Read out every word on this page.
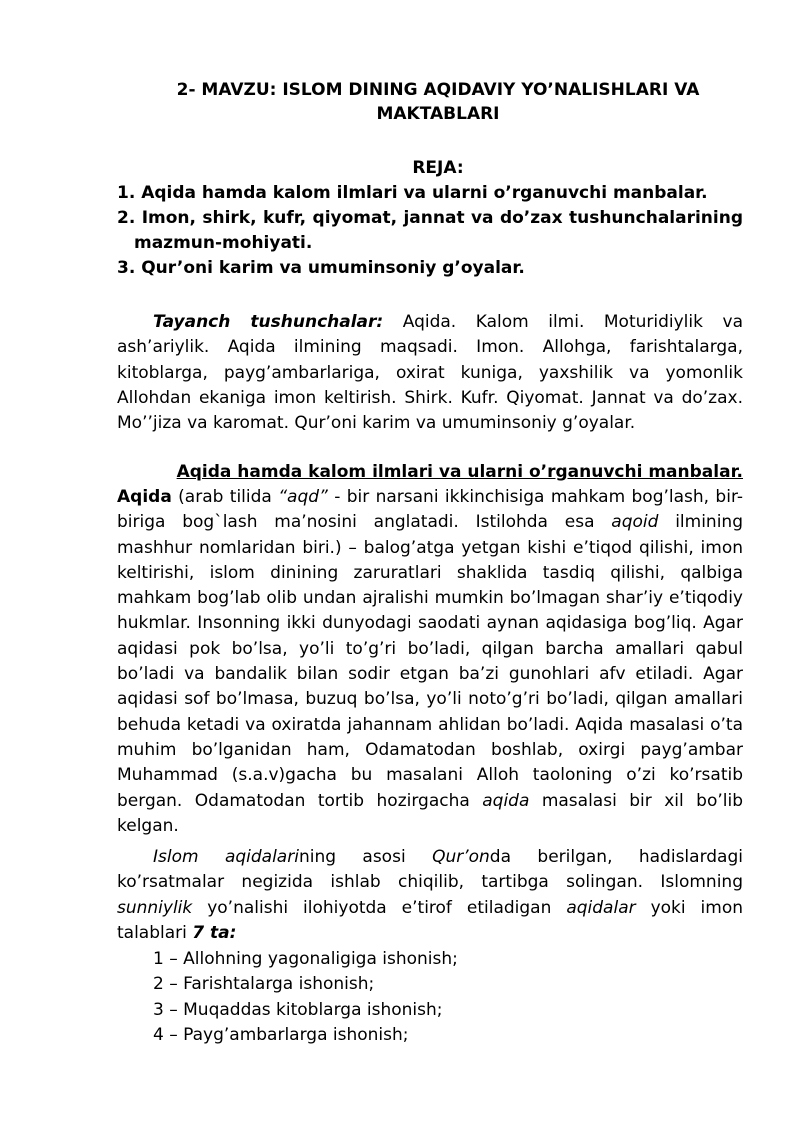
2- MAVZU: ISLOM DINING AQIDAVIY YO’NALISHLARI VA
MAKTABLARI
REJA:
1. Aqida hamda kalom ilmlari va ularni o’rganuvchi manbalar.
2. Imon, shirk, kufr, qiyomat, jannat va do’zax tushunchalarining mazmun-mohiyati.
3. Qur’oni karim va umuminsoniy g’oyalar.
Tayanch tushunchalar: Aqida. Kalom ilmi. Moturidiylik va ash’ariylik. Aqida ilmining maqsadi. Imon. Allohga, farishtalarga, kitoblarga, payg’ambarlariga, oxirat kuniga, yaxshilik va yomonlik Allohdan ekaniga imon keltirish. Shirk. Kufr. Qiyomat. Jannat va do’zax. Mo’’jiza va karomat. Qur’oni karim va umuminsoniy g’oyalar.
Aqida hamda kalom ilmlari va ularni o’rganuvchi manbalar.
Aqida (arab tilida “aqd” - bir narsani ikkinchisiga mahkam bog’lash, bir-biriga bog`lash ma’nosini anglatadi. Istilohda esa aqoid ilmining mashhur nomlaridan biri.) – balog’atga yetgan kishi e’tiqod qilishi, imon keltirishi, islom dinining zaruratlari shaklida tasdiq qilishi, qalbiga mahkam bog’lab olib undan ajralishi mumkin bo’lmagan shar’iy e’tiqodiy hukmlar. Insonning ikki dunyodagi saodati aynan aqidasiga bog’liq. Agar aqidasi pok bo’lsa, yo’li to’g’ri bo’ladi, qilgan barcha amallari qabul bo’ladi va bandalik bilan sodir etgan ba’zi gunohlari afv etiladi. Agar aqidasi sof bo’lmasa, buzuq bo’lsa, yo’li noto’g’ri bo’ladi, qilgan amallari behuda ketadi va oxiratda jahannam ahlidan bo’ladi. Aqida masalasi o’ta muhim bo’lganidan ham, Odamatodan boshlab, oxirgi payg’ambar Muhammad (s.a.v)gacha bu masalani Alloh taoloning o’zi ko’rsatib bergan. Odamatodan tortib hozirgacha aqida masalasi bir xil bo’lib kelgan.
Islom aqidalarining asosi Qur’onda berilgan, hadislardagi ko’rsatmalar negizida ishlab chiqilib, tartibga solingan. Islomning sunniylik yo’nalishi ilohiyotda e’tirof etiladigan aqidalar yoki imon talablari 7 ta:
1 – Allohning yagonaligiga ishonish;
2 – Farishtalarga ishonish;
3 – Muqaddas kitoblarga ishonish;
4 – Payg’ambarlarga ishonish;
